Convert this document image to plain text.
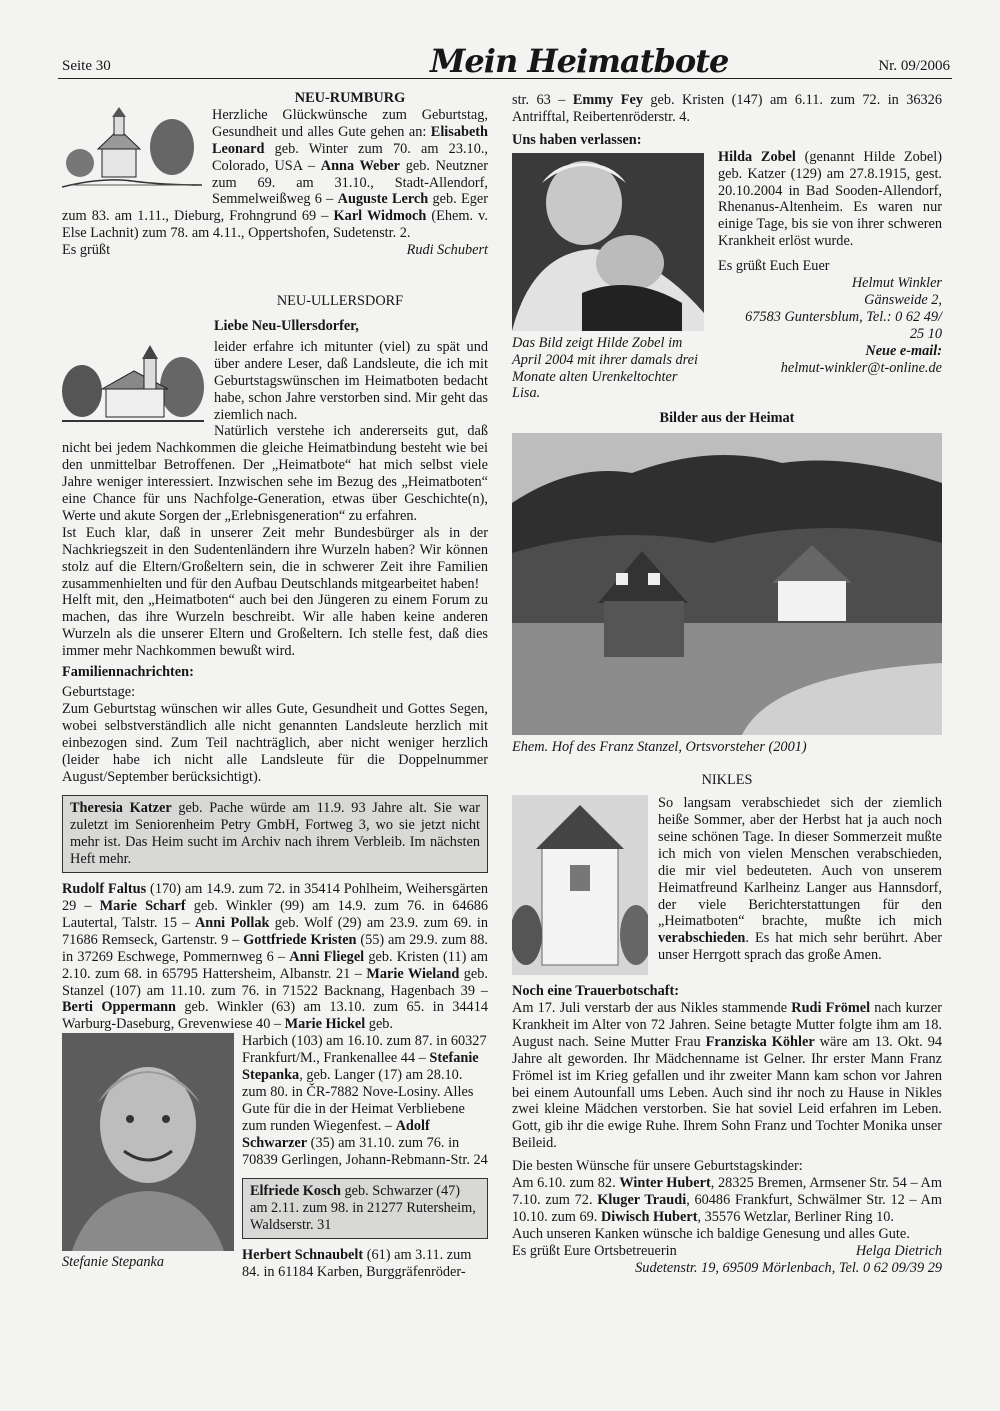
Seite 30	Mein Heimatbote	Nr. 09/2006

NEU-RUMBURG

Herzliche Glückwünsche zum Geburtstag, Gesundheit und alles Gute gehen an: Elisabeth Leonard geb. Winter zum 70. am 23.10., Colorado, USA – Anna Weber geb. Neutzner zum 69. am 31.10., Stadt-Allendorf, Semmelweißweg 6 – Auguste Lerch geb. Eger zum 83. am 1.11., Dieburg, Frohngrund 69 – Karl Widmoch (Ehem. v. Else Lachnit) zum 78. am 4.11., Oppertshofen, Sudetenstr. 2.

Es grüßt	Rudi Schubert

NEU-ULLERSDORF

Liebe Neu-Ullersdorfer,

leider erfahre ich mitunter (viel) zu spät und über andere Leser, daß Landsleute, die ich mit Geburtstagswünschen im Heimatboten bedacht habe, schon Jahre verstorben sind. Mir geht das ziemlich nach.

Natürlich verstehe ich andererseits gut, daß nicht bei jedem Nachkommen die gleiche Heimatbindung besteht wie bei den unmittelbar Betroffenen. Der „Heimatbote“ hat mich selbst viele Jahre weniger interessiert. Inzwischen sehe im Bezug des „Heimatboten“ eine Chance für uns Nachfolge-Generation, etwas über Geschichte(n), Werte und akute Sorgen der „Erlebnisgeneration“ zu erfahren.

Ist Euch klar, daß in unserer Zeit mehr Bundesbürger als in der Nachkriegszeit in den Sudentenländern ihre Wurzeln haben? Wir können stolz auf die Eltern/Großeltern sein, die in schwerer Zeit ihre Familien zusammenhielten und für den Aufbau Deutschlands mitgearbeitet haben!

Helft mit, den „Heimatboten“ auch bei den Jüngeren zu einem Forum zu machen, das ihre Wurzeln beschreibt. Wir alle haben keine anderen Wurzeln als die unserer Eltern und Großeltern. Ich stelle fest, daß dies immer mehr Nachkommen bewußt wird.

Familiennachrichten:

Geburtstage:

Zum Geburtstag wünschen wir alles Gute, Gesundheit und Gottes Segen, wobei selbstverständlich alle nicht genannten Landsleute herzlich mit einbezogen sind. Zum Teil nachträglich, aber nicht weniger herzlich (leider habe ich nicht alle Landsleute für die Doppelnummer August/September berücksichtigt).

Theresia Katzer geb. Pache würde am 11.9. 93 Jahre alt. Sie war zuletzt im Seniorenheim Petry GmbH, Fortweg 3, wo sie jetzt nicht mehr ist. Das Heim sucht im Archiv nach ihrem Verbleib. Im nächsten Heft mehr.

Rudolf Faltus (170) am 14.9. zum 72. in 35414 Pohlheim, Weihersgärten 29 – Marie Scharf geb. Winkler (99) am 14.9. zum 76. in 64686 Lautertal, Talstr. 15 – Anni Pollak geb. Wolf (29) am 23.9. zum 69. in 71686 Remseck, Gartenstr. 9 – Gottfriede Kristen (55) am 29.9. zum 88. in 37269 Eschwege, Pommernweg 6 – Anni Fliegel geb. Kristen (11) am 2.10. zum 68. in 65795 Hattersheim, Albanstr. 21 – Marie Wieland geb. Stanzel (107) am 11.10. zum 76. in 71522 Backnang, Hagenbach 39 – Berti Oppermann geb. Winkler (63) am 13.10. zum 65. in 34414 Warburg-Daseburg, Grevenwiese 40 – Marie Hickel geb.

Stefanie Stepanka

Harbich (103) am 16.10. zum 87. in 60327 Frankfurt/M., Frankenallee 44 – Stefanie Stepanka, geb. Langer (17) am 28.10. zum 80. in ČR-7882 Nove-Losiny. Alles Gute für die in der Heimat Verbliebene zum runden Wiegenfest. – Adolf Schwarzer (35) am 31.10. zum 76. in 70839 Gerlingen, Johann-Rebmann-Str. 24

Elfriede Kosch geb. Schwarzer (47) am 2.11. zum 98. in 21277 Rutersheim, Waldserstr. 31

Herbert Schnaubelt (61) am 3.11. zum 84. in 61184 Karben, Burggräfenröder-

str. 63 – Emmy Fey geb. Kristen (147) am 6.11. zum 72. in 36326 Antrifftal, Reibertenröderstr. 4.

Uns haben verlassen:

Das Bild zeigt Hilde Zobel im April 2004 mit ihrer damals drei Monate alten Urenkeltochter Lisa.

Hilda Zobel (genannt Hilde Zobel) geb. Katzer (129) am 27.8.1915, gest. 20.10.2004 in Bad Sooden-Allendorf, Rhenanus-Altenheim. Es waren nur einige Tage, bis sie von ihrer schweren Krankheit erlöst wurde.

Es grüßt Euch Euer

Helmut Winkler
Gänsweide 2,
67583 Guntersblum, Tel.: 0 62 49/
25 10
Neue e-mail:
helmut-winkler@t-online.de

Bilder aus der Heimat

Ehem. Hof des Franz Stanzel, Ortsvorsteher (2001)

NIKLES

So langsam verabschiedet sich der ziemlich heiße Sommer, aber der Herbst hat ja auch noch seine schönen Tage. In dieser Sommerzeit mußte ich mich von vielen Menschen verabschieden, die mir viel bedeuteten. Auch von unserem Heimatfreund Karlheinz Langer aus Hannsdorf, der viele Berichterstattungen für den „Heimatboten“ brachte, mußte ich mich verabschieden. Es hat mich sehr berührt. Aber unser Herrgott sprach das große Amen.

Noch eine Trauerbotschaft:

Am 17. Juli verstarb der aus Nikles stammende Rudi Frömel nach kurzer Krankheit im Alter von 72 Jahren. Seine betagte Mutter folgte ihm am 18. August nach. Seine Mutter Frau Franziska Köhler wäre am 13. Okt. 94 Jahre alt geworden. Ihr Mädchenname ist Gelner. Ihr erster Mann Franz Frömel ist im Krieg gefallen und ihr zweiter Mann kam schon vor Jahren bei einem Autounfall ums Leben. Auch sind ihr noch zu Hause in Nikles zwei kleine Mädchen verstorben. Sie hat soviel Leid erfahren im Leben. Gott, gib ihr die ewige Ruhe. Ihrem Sohn Franz und Tochter Monika unser Beileid.

Die besten Wünsche für unsere Geburtstagskinder:

Am 6.10. zum 82. Winter Hubert, 28325 Bremen, Armsener Str. 54 – Am 7.10. zum 72. Kluger Traudi, 60486 Frankfurt, Schwälmer Str. 12 – Am 10.10. zum 69. Diwisch Hubert, 35576 Wetzlar, Berliner Ring 10.

Auch unseren Kanken wünsche ich baldige Genesung und alles Gute.

Es grüßt Eure Ortsbetreuerin	Helga Dietrich

Sudetenstr. 19, 69509 Mörlenbach, Tel. 0 62 09/39 29
